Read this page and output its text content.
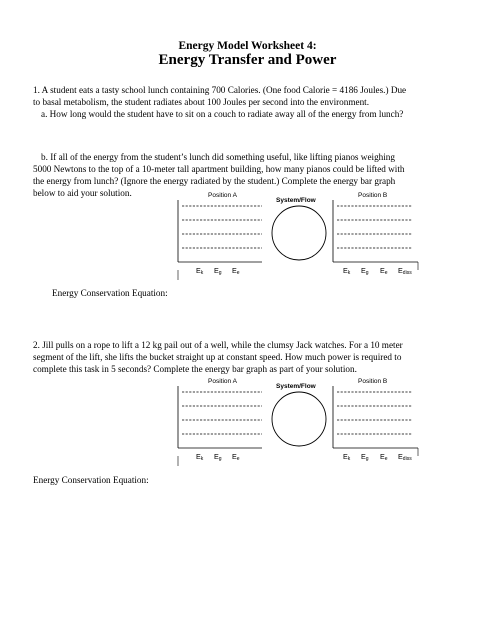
Energy Model Worksheet 4:
Energy Transfer and Power
1. A student eats a tasty school lunch containing 700 Calories. (One food Calorie = 4186 Joules.) Due
to basal metabolism, the student radiates about 100 Joules per second into the environment.
a. How long would the student have to sit on a couch to radiate away all of the energy from lunch?
b. If all of the energy from the student’s lunch did something useful, like lifting pianos weighing
5000 Newtons to the top of a 10-meter tall apartment building, how many pianos could be lifted with
the energy from lunch? (Ignore the energy radiated by the student.) Complete the energy bar graph
below to aid your solution.	Position A
System/Flow
Position B
$E_k$ $E_g$ $E_e$	$E_k$ $E_g$ $E_e$ $E_{diss}$
Energy Conservation Equation:
2. Jill pulls on a rope to lift a 12 kg pail out of a well, while the clumsy Jack watches. For a 10 meter
segment of the lift, she lifts the bucket straight up at constant speed. How much power is required to
complete this task in 5 seconds? Complete the energy bar graph as part of your solution.
Position A
System/Flow
Position B
$E_k$ $E_g$ $E_e$	$E_k$ $E_g$ $E_e$ $E_{diss}$
Energy Conservation Equation:
